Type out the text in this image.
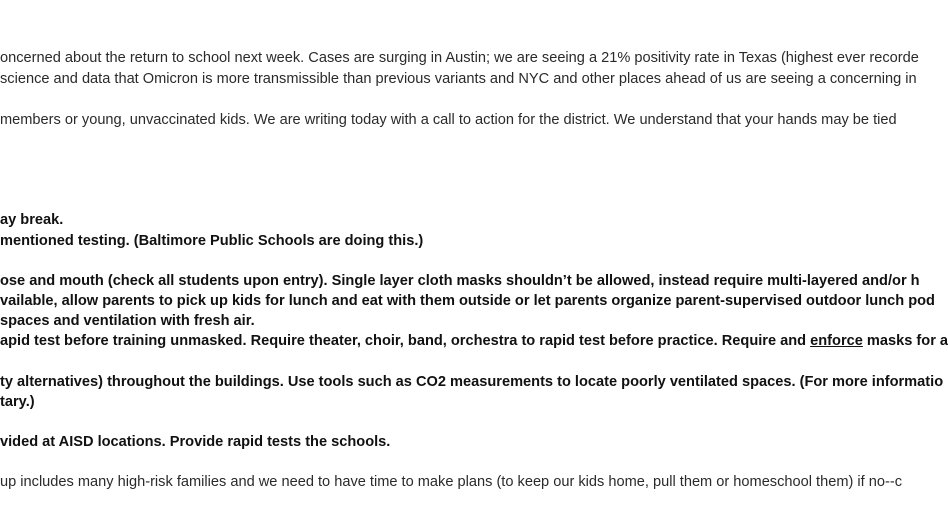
oncerned about the return to school next week. Cases are surging in Austin; we are seeing a 21% positivity rate in Texas (highest ever recorde

science and data that Omicron is more transmissible than previous variants and NYC and other places ahead of us are seeing a concerning in

members or young, unvaccinated kids. We are writing today with a call to action for the district. We understand that your hands may be tied

ay break.

mentioned testing. (Baltimore Public Schools are doing this.)

ose and mouth (check all students upon entry). Single layer cloth masks shouldn’t be allowed, instead require multi-layered and/or h

vailable, allow parents to pick up kids for lunch and eat with them outside or let parents organize parent-supervised outdoor lunch pod

spaces and ventilation with fresh air.

apid test before training unmasked. Require theater, choir, band, orchestra to rapid test before practice. Require and enforce masks for a

ty alternatives) throughout the buildings. Use tools such as CO2 measurements to locate poorly ventilated spaces. (For more informatio

tary.)

vided at AISD locations. Provide rapid tests the schools.

up includes many high-risk families and we need to have time to make plans (to keep our kids home, pull them or homeschool them) if no--c
